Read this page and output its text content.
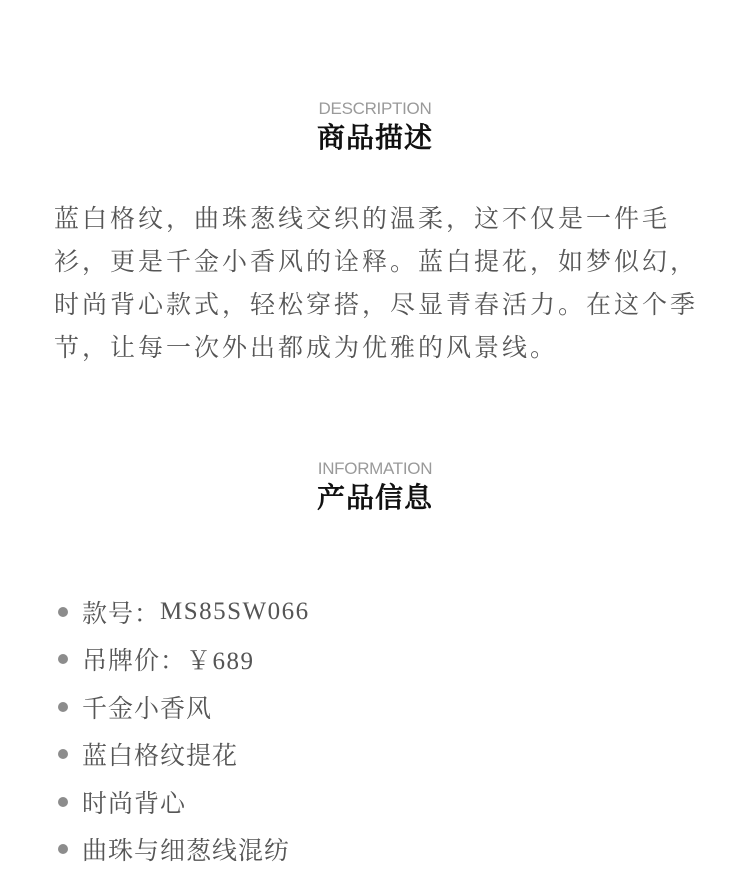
DESCRIPTION
商品描述

蓝白格纹，曲珠葱线交织的温柔，这不仅是一件毛衫，更是千金小香风的诠释。蓝白提花，如梦似幻，时尚背心款式，轻松穿搭，尽显青春活力。在这个季节，让每一次外出都成为优雅的风景线。

INFORMATION
产品信息
款号： MS85SW066
吊牌价： ￥689
千金小香风
蓝白格纹提花
时尚背心
曲珠与细葱线混纺
